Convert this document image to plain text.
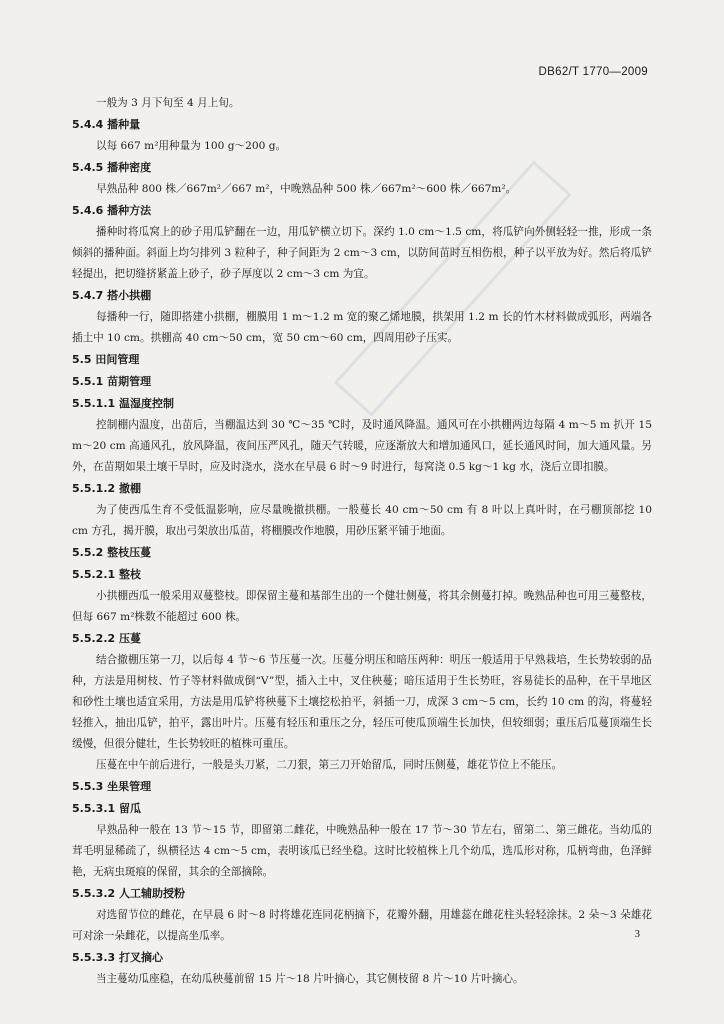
DB62/T 1770—2009
一般为 3 月下旬至 4 月上旬。
5.4.4 播种量
以每 667 m²用种量为 100 g～200 g。
5.4.5 播种密度
早熟品种 800 株／667m²／667 m²，中晚熟品种 500 株／667m²～600 株／667m²。
5.4.6 播种方法

播种时将瓜窝上的砂子用瓜铲翻在一边，用瓜铲横立切下。深约 1.0 cm～1.5 cm，将瓜铲向外侧轻轻一推，形成一条倾斜的播种面。斜面上均匀排列 3 粒种子，种子间距为 2 cm～3 cm，以防间苗时互相伤根，种子以平放为好。然后将瓜铲轻提出，把切缝挤紧盖上砂子，砂子厚度以 2 cm～3 cm 为宜。

5.4.7 搭小拱棚

每播种一行，随即搭建小拱棚，棚膜用 1 m～1.2 m 宽的聚乙烯地膜，拱架用 1.2 m 长的竹木材料做成弧形，两端各插土中 10 cm。拱棚高 40 cm～50 cm，宽 50 cm～60 cm，四周用砂子压实。

5.5 田间管理
5.5.1 苗期管理
5.5.1.1 温湿度控制

控制棚内温度，出苗后，当棚温达到 30 ℃～35 ℃时，及时通风降温。通风可在小拱棚两边每隔 4 m～5 m 扒开 15 m～20 cm 高通风孔，放风降温，夜间压严风孔，随天气转暖，应逐渐放大和增加通风口，延长通风时间，加大通风量。另外，在苗期如果土壤干旱时，应及时浇水，浇水在早晨 6 时～9 时进行，每窝浇 0.5 kg～1 kg 水，浇后立即扣膜。

5.5.1.2 撤棚

为了使西瓜生育不受低温影响，应尽量晚撤拱棚。一般蔓长 40 cm～50 cm 有 8 叶以上真叶时，在弓棚顶部挖 10 cm 方孔，揭开膜，取出弓架放出瓜苗，将棚膜改作地膜，用砂压紧平铺于地面。

5.5.2 整枝压蔓
5.5.2.1 整枝

小拱棚西瓜一般采用双蔓整枝。即保留主蔓和基部生出的一个健壮侧蔓，将其余侧蔓打掉。晚熟品种也可用三蔓整枝，但每 667 m²株数不能超过 600 株。

5.5.2.2 压蔓

结合撤棚压第一刀，以后每 4 节～6 节压蔓一次。压蔓分明压和暗压两种：明压一般适用于早熟栽培，生长势较弱的品种，方法是用树枝、竹子等材料做成倒“V”型，插入土中，叉住秧蔓；暗压适用于生长势旺，容易徒长的品种，在干旱地区和砂性土壤也适宜采用，方法是用瓜铲将秧蔓下土壤挖松拍平，斜插一刀，成深 3 cm～5 cm，长约 10 cm 的沟，将蔓轻轻推入，抽出瓜铲，拍平，露出叶片。压蔓有轻压和重压之分，轻压可使瓜顶端生长加快，但较细弱；重压后瓜蔓顶端生长缓慢，但很分健壮，生长势较旺的植株可重压。

压蔓在中午前后进行，一般是头刀紧，二刀狠，第三刀开始留瓜，同时压侧蔓，雄花节位上不能压。

5.5.3 坐果管理
5.5.3.1 留瓜

早熟品种一般在 13 节～15 节，即留第二雌花，中晚熟品种一般在 17 节～30 节左右，留第二、第三雌花。当幼瓜的茸毛明显稀疏了，纵横径达 4 cm～5 cm，表明该瓜已经坐稳。这时比较植株上几个幼瓜，选瓜形对称，瓜柄弯曲，色泽鲜艳，无病虫斑痕的保留，其余的全部摘除。

5.5.3.2 人工辅助授粉

对选留节位的雌花，在早晨 6 时～8 时将雄花连同花柄摘下，花瓣外翻，用雄蕊在雌花柱头轻轻涂抹。2 朵～3 朵雄花可对涂一朵雌花，以提高坐瓜率。

5.5.3.3 打叉摘心
当主蔓幼瓜座稳，在幼瓜秧蔓前留 15 片～18 片叶摘心，其它侧枝留 8 片～10 片叶摘心。
3
